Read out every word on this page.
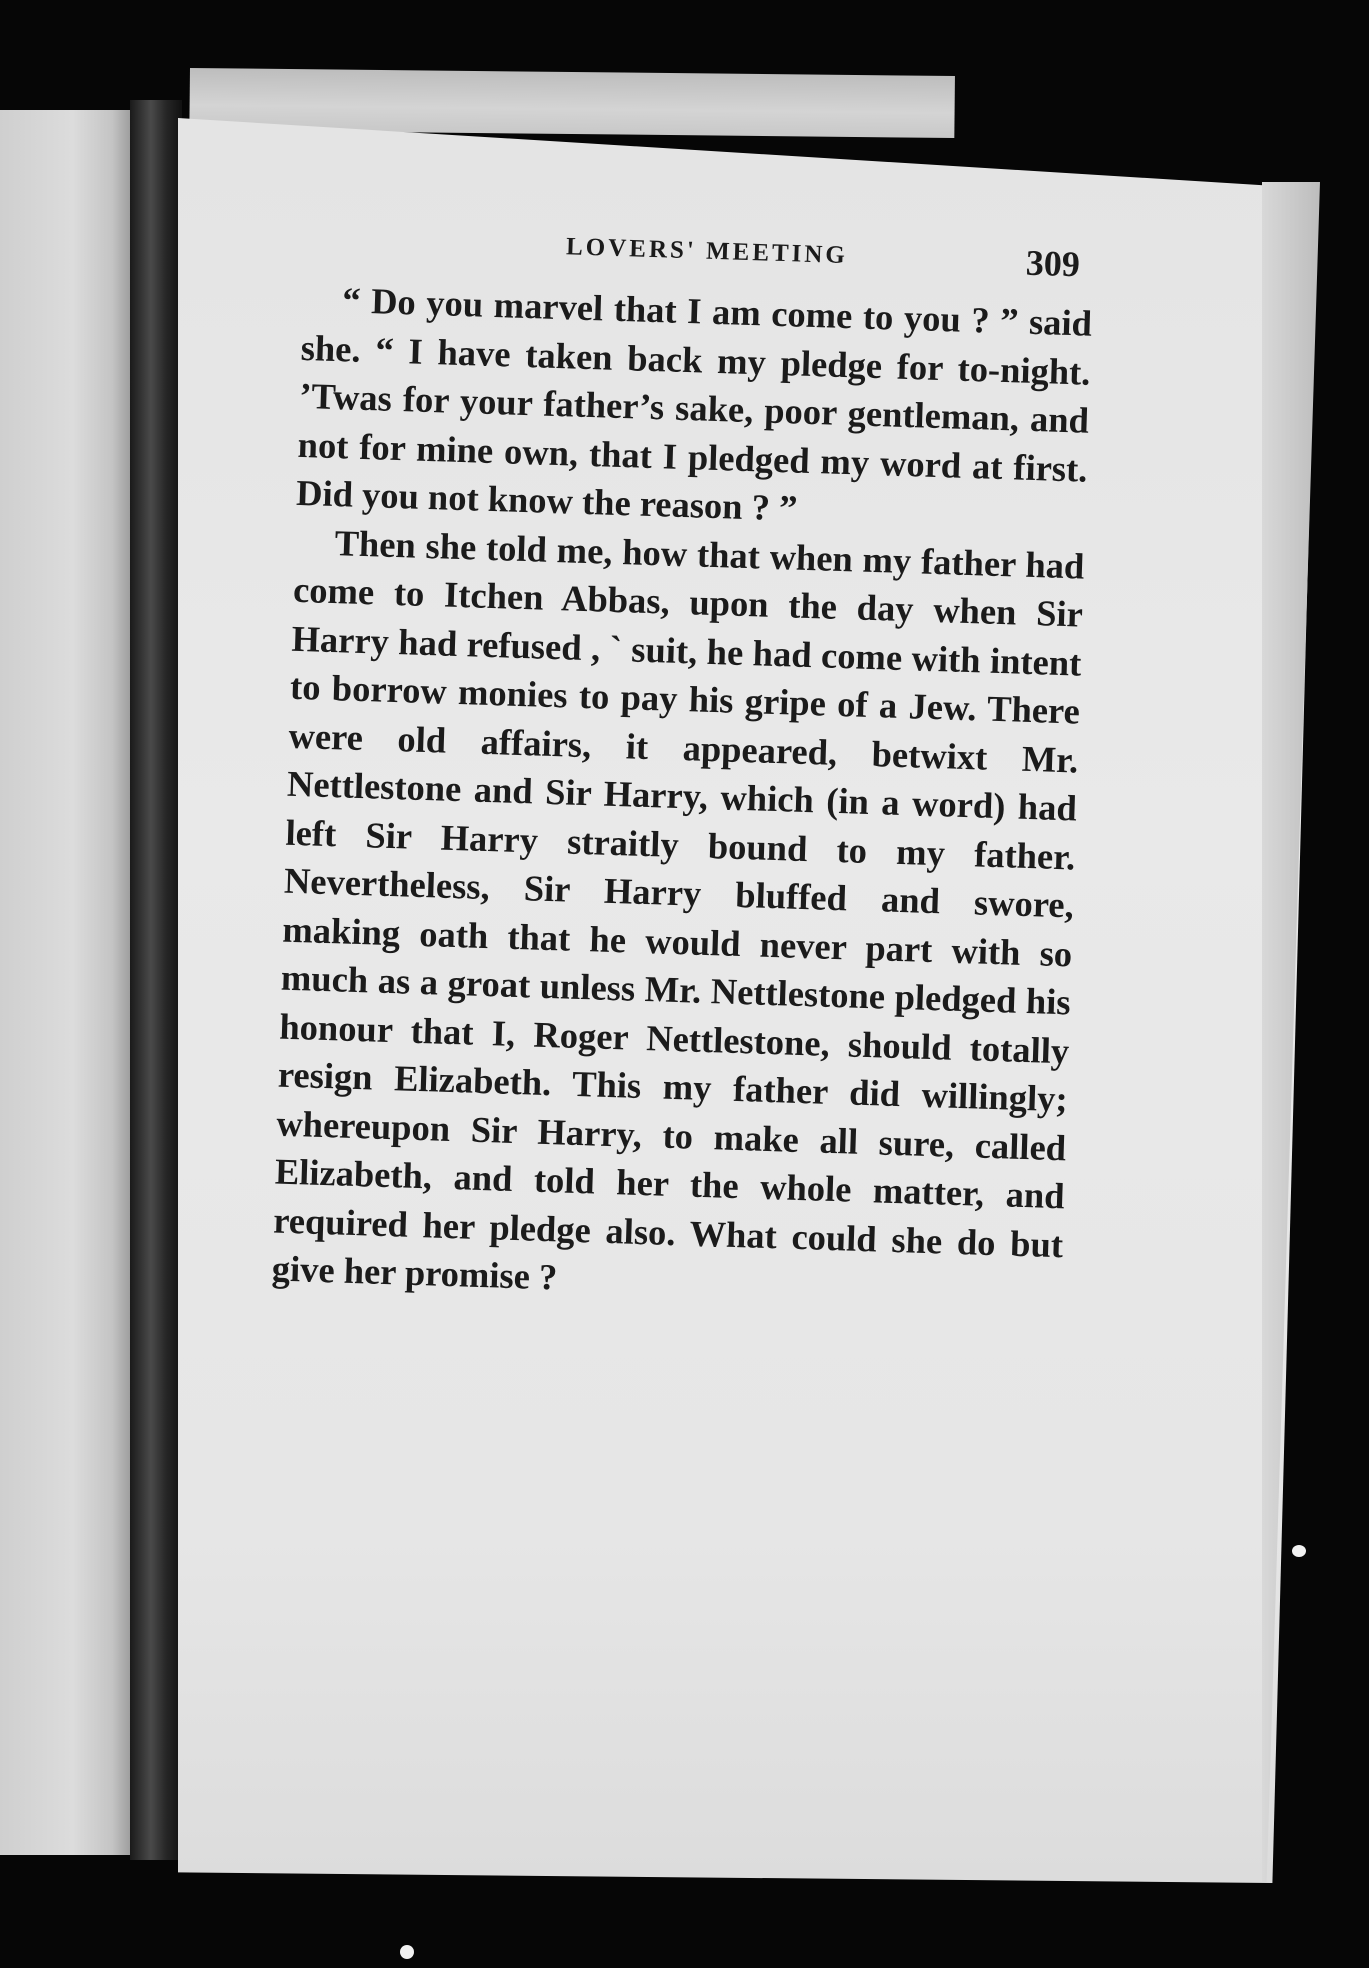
LOVERS' MEETING	309

“ Do you marvel that I am come to you ? ” said she. “ I have taken back my pledge for to-night. ’Twas for your father’s sake, poor gentleman, and not for mine own, that I pledged my word at first. Did you not know the reason ? ”

Then she told me, how that when my father had come to Itchen Abbas, upon the day when Sir Harry had refused , ` suit, he had come with intent to borrow monies to pay his gripe of a Jew. There were old affairs, it appeared, betwixt Mr. Nettlestone and Sir Harry, which (in a word) had left Sir Harry straitly bound to my father. Nevertheless, Sir Harry bluffed and swore, making oath that he would never part with so much as a groat unless Mr. Nettlestone pledged his honour that I, Roger Nettlestone, should totally resign Elizabeth. This my father did willingly; whereupon Sir Harry, to make all sure, called Elizabeth, and told her the whole matter, and required her pledge also. What could she do but give her promise ?
